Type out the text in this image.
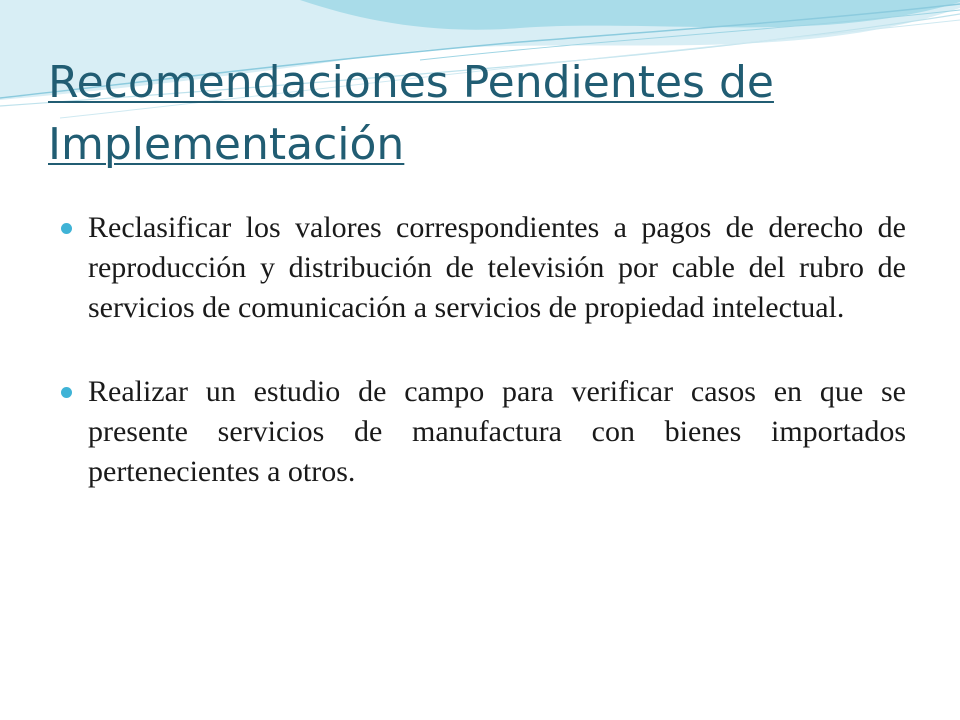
Recomendaciones Pendientes de Implementación
Reclasificar los valores correspondientes a pagos de derecho de reproducción y distribución de televisión por cable del rubro de servicios de comunicación a servicios de propiedad intelectual.
Realizar un estudio de campo para verificar casos en que se presente servicios de manufactura con bienes importados pertenecientes a otros.
